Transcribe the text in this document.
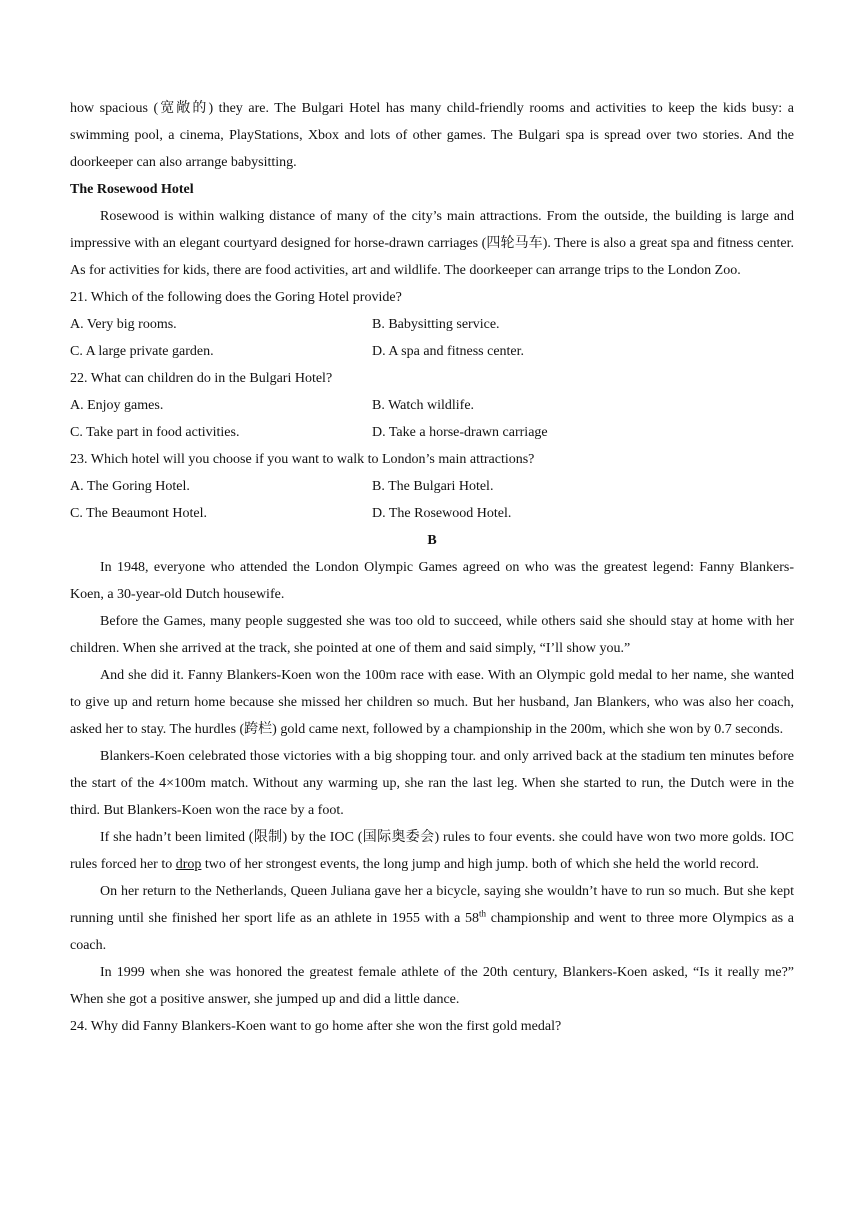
how spacious (宽敞的) they are. The Bulgari Hotel has many child-friendly rooms and activities to keep the kids busy: a swimming pool, a cinema, PlayStations, Xbox and lots of other games. The Bulgari spa is spread over two stories. And the doorkeeper can also arrange babysitting.

The Rosewood Hotel

Rosewood is within walking distance of many of the city’s main attractions. From the outside, the building is large and impressive with an elegant courtyard designed for horse-drawn carriages (四轮马车). There is also a great spa and fitness center. As for activities for kids, there are food activities, art and wildlife. The doorkeeper can arrange trips to the London Zoo.

21. Which of the following does the Goring Hotel provide?
A. Very big rooms.	B. Babysitting service.
C. A large private garden.	D. A spa and fitness center.
22. What can children do in the Bulgari Hotel?
A. Enjoy games.	B. Watch wildlife.
C. Take part in food activities.	D. Take a horse-drawn carriage
23. Which hotel will you choose if you want to walk to London’s main attractions?
A. The Goring Hotel.	B. The Bulgari Hotel.
C. The Beaumont Hotel.	D. The Rosewood Hotel.
B

In 1948, everyone who attended the London Olympic Games agreed on who was the greatest legend: Fanny Blankers-Koen, a 30-year-old Dutch housewife.

Before the Games, many people suggested she was too old to succeed, while others said she should stay at home with her children. When she arrived at the track, she pointed at one of them and said simply, “I’ll show you.”

And she did it. Fanny Blankers-Koen won the 100m race with ease. With an Olympic gold medal to her name, she wanted to give up and return home because she missed her children so much. But her husband, Jan Blankers, who was also her coach, asked her to stay. The hurdles (跨栏) gold came next, followed by a championship in the 200m, which she won by 0.7 seconds.

Blankers-Koen celebrated those victories with a big shopping tour. and only arrived back at the stadium ten minutes before the start of the 4×100m match. Without any warming up, she ran the last leg. When she started to run, the Dutch were in the third. But Blankers-Koen won the race by a foot.

If she hadn’t been limited (限制) by the IOC (国际奥委会) rules to four events. she could have won two more golds. IOC rules forced her to drop two of her strongest events, the long jump and high jump. both of which she held the world record.

On her return to the Netherlands, Queen Juliana gave her a bicycle, saying she wouldn’t have to run so much. But she kept running until she finished her sport life as an athlete in 1955 with a 58th championship and went to three more Olympics as a coach.

In 1999 when she was honored the greatest female athlete of the 20th century, Blankers-Koen asked, “Is it really me?” When she got a positive answer, she jumped up and did a little dance.

24. Why did Fanny Blankers-Koen want to go home after she won the first gold medal?
